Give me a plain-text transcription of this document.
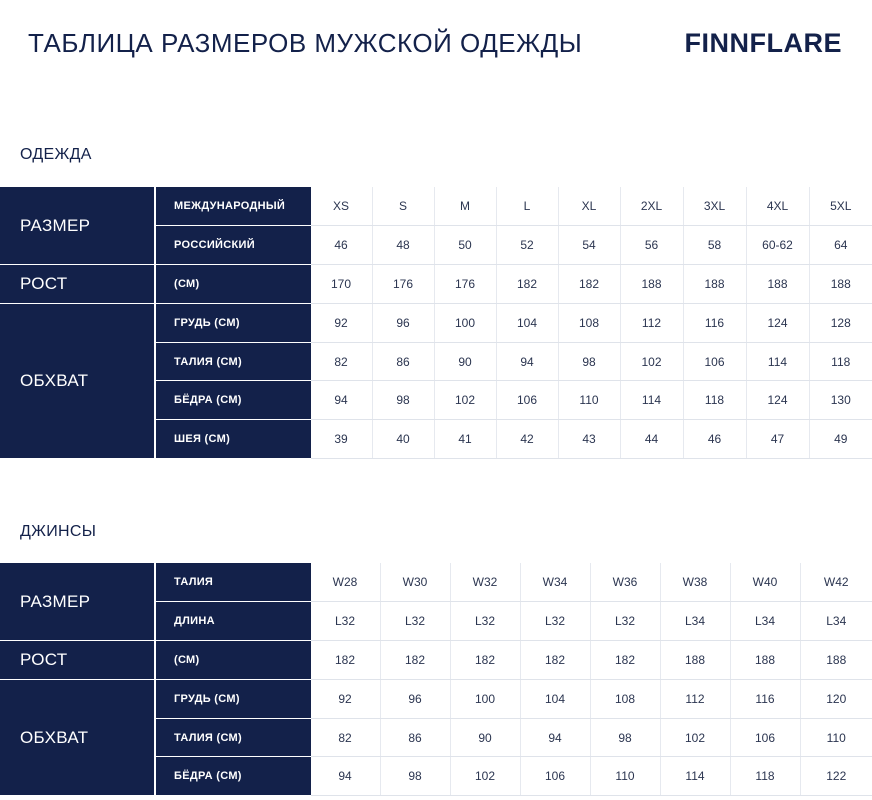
ТАБЛИЦА РАЗМЕРОВ МУЖСКОЙ ОДЕЖДЫ	FINNFLARE
ОДЕЖДА
РАЗМЕР	МЕЖДУНАРОДНЫЙ	XS	S	M	L	XL	2XL	3XL	4XL	5XL
	РОССИЙСКИЙ	46	48	50	52	54	56	58	60-62	64
РОСТ	(СМ)	170	176	176	182	182	188	188	188	188
ОБХВАТ	ГРУДЬ (СМ)	92	96	100	104	108	112	116	124	128
	ТАЛИЯ (СМ)	82	86	90	94	98	102	106	114	118
	БЁДРА (СМ)	94	98	102	106	110	114	118	124	130
	ШЕЯ (СМ)	39	40	41	42	43	44	46	47	49
ДЖИНСЫ
РАЗМЕР	ТАЛИЯ	W28	W30	W32	W34	W36	W38	W40	W42
	ДЛИНА	L32	L32	L32	L32	L32	L34	L34	L34
РОСТ	(СМ)	182	182	182	182	182	188	188	188
ОБХВАТ	ГРУДЬ (СМ)	92	96	100	104	108	112	116	120
	ТАЛИЯ (СМ)	82	86	90	94	98	102	106	110
	БЁДРА (СМ)	94	98	102	106	110	114	118	122
